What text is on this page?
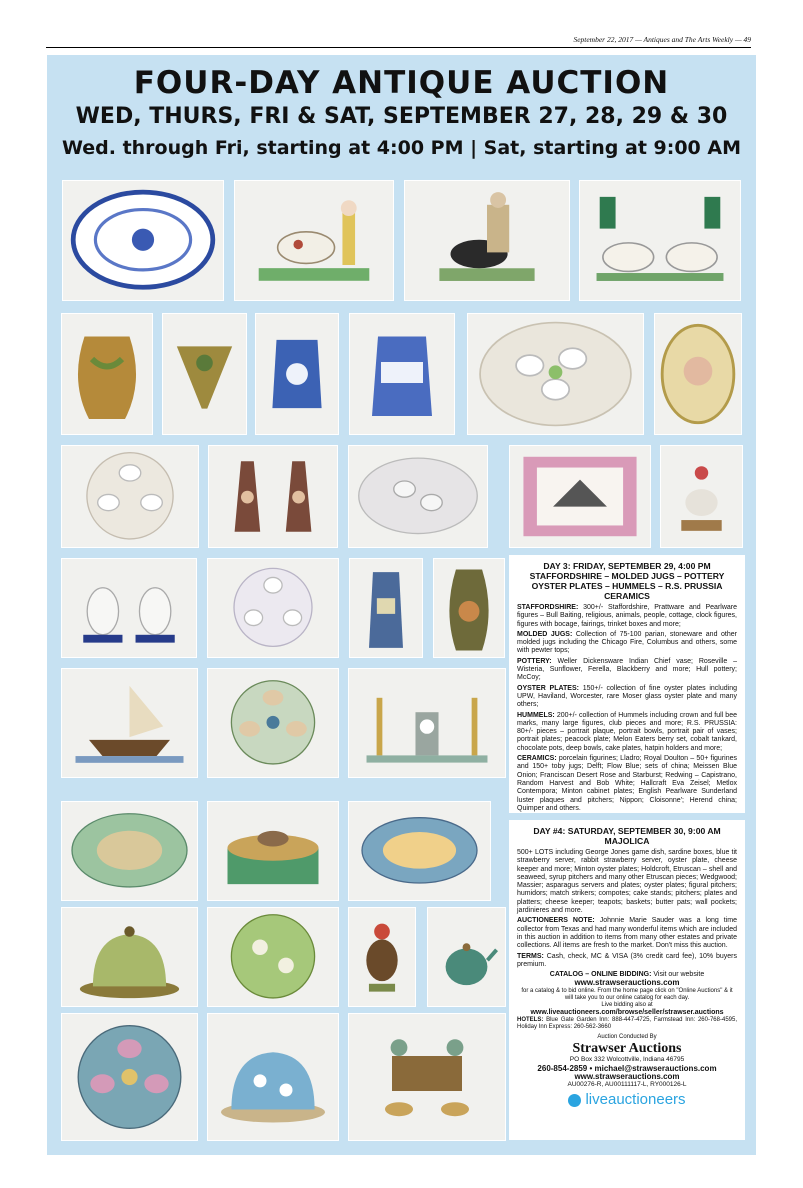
September 22, 2017 — Antiques and The Arts Weekly — 49
FOUR-DAY ANTIQUE AUCTION
WED, THURS, FRI & SAT, SEPTEMBER 27, 28, 29 & 30
Wed. through Fri, starting at 4:00 PM | Sat, starting at 9:00 AM
DAY 3: FRIDAY, SEPTEMBER 29, 4:00 PM
STAFFORDSHIRE – MOLDED JUGS – POTTERY OYSTER PLATES – HUMMELS – R.S. PRUSSIA CERAMICS

STAFFORDSHIRE: 300+/- Staffordshire, Prattware and Pearlware figures – Bull Baiting, religious, animals, people, cottage, clock figures, figures with bocage, fairings, trinket boxes and more;

MOLDED JUGS: Collection of 75-100 parian, stoneware and other molded jugs including the Chicago Fire, Columbus and others, some with pewter tops;

POTTERY: Weller Dickensware Indian Chief vase; Roseville – Wisteria, Sunflower, Ferella, Blackberry and more; Hull pottery; McCoy;

OYSTER PLATES: 150+/- collection of fine oyster plates including UPW, Haviland, Worcester, rare Moser glass oyster plate and many others;

HUMMELS: 200+/- collection of Hummels including crown and full bee marks, many large figures, club pieces and more; R.S. PRUSSIA: 80+/- pieces – portrait plaque, portrait bowls, portrait pair of vases; portrait plates; peacock plate; Melon Eaters berry set, cobalt tankard, chocolate pots, deep bowls, cake plates, hatpin holders and more;

CERAMICS: porcelain figurines; Lladro; Royal Doulton – 50+ figurines and 150+ toby jugs; Delft; Flow Blue; sets of china; Meissen Blue Onion; Franciscan Desert Rose and Starburst; Redwing – Capistrano, Random Harvest and Bob White; Hallcraft Eva Zeisel; Metlox Contempora; Minton cabinet plates; English Pearlware Sunderland luster plaques and pitchers; Nippon; Cloisonne'; Herend china; Quimper and others.

DAY #4: SATURDAY, SEPTEMBER 30, 9:00 AM
MAJOLICA

500+ LOTS including George Jones game dish, sardine boxes, blue tit strawberry server, rabbit strawberry server, oyster plate, cheese keeper and more; Minton oyster plates; Holdcroft, Etruscan – shell and seaweed, syrup pitchers and many other Etruscan pieces; Wedgwood; Massier; asparagus servers and plates; oyster plates; figural pitchers; humidors; match strikers; compotes; cake stands; pitchers; plates and platters; cheese keeper; teapots; baskets; butter pats; wall pockets; jardinieres and more.

AUCTIONEERS NOTE: Johnnie Marie Sauder was a long time collector from Texas and had many wonderful items which are included in this auction in addition to items from many other estates and private collections. All items are fresh to the market. Don't miss this auction.

TERMS: Cash, check, MC & VISA (3% credit card fee), 10% buyers premium.

CATALOG – ONLINE BIDDING: Visit our website
www.strawserauctions.com
for a catalog & to bid online. From the home page click on "Online Auctions" & it will take you to our online catalog for each day.
Live bidding also at
www.liveauctioneers.com/browse/seller/strawser.auctions

HOTELS: Blue Gate Garden Inn: 888-447-4725, Farmstead Inn: 260-768-4595, Holiday Inn Express: 260-562-3660

Auction Conducted By
Strawser Auctions
PO Box 332 Wolcottville, Indiana 46795
260-854-2859 • michael@strawserauctions.com
www.strawserauctions.com
AU00276-R, AU00111117-L, RY000126-L
liveauctioneers
